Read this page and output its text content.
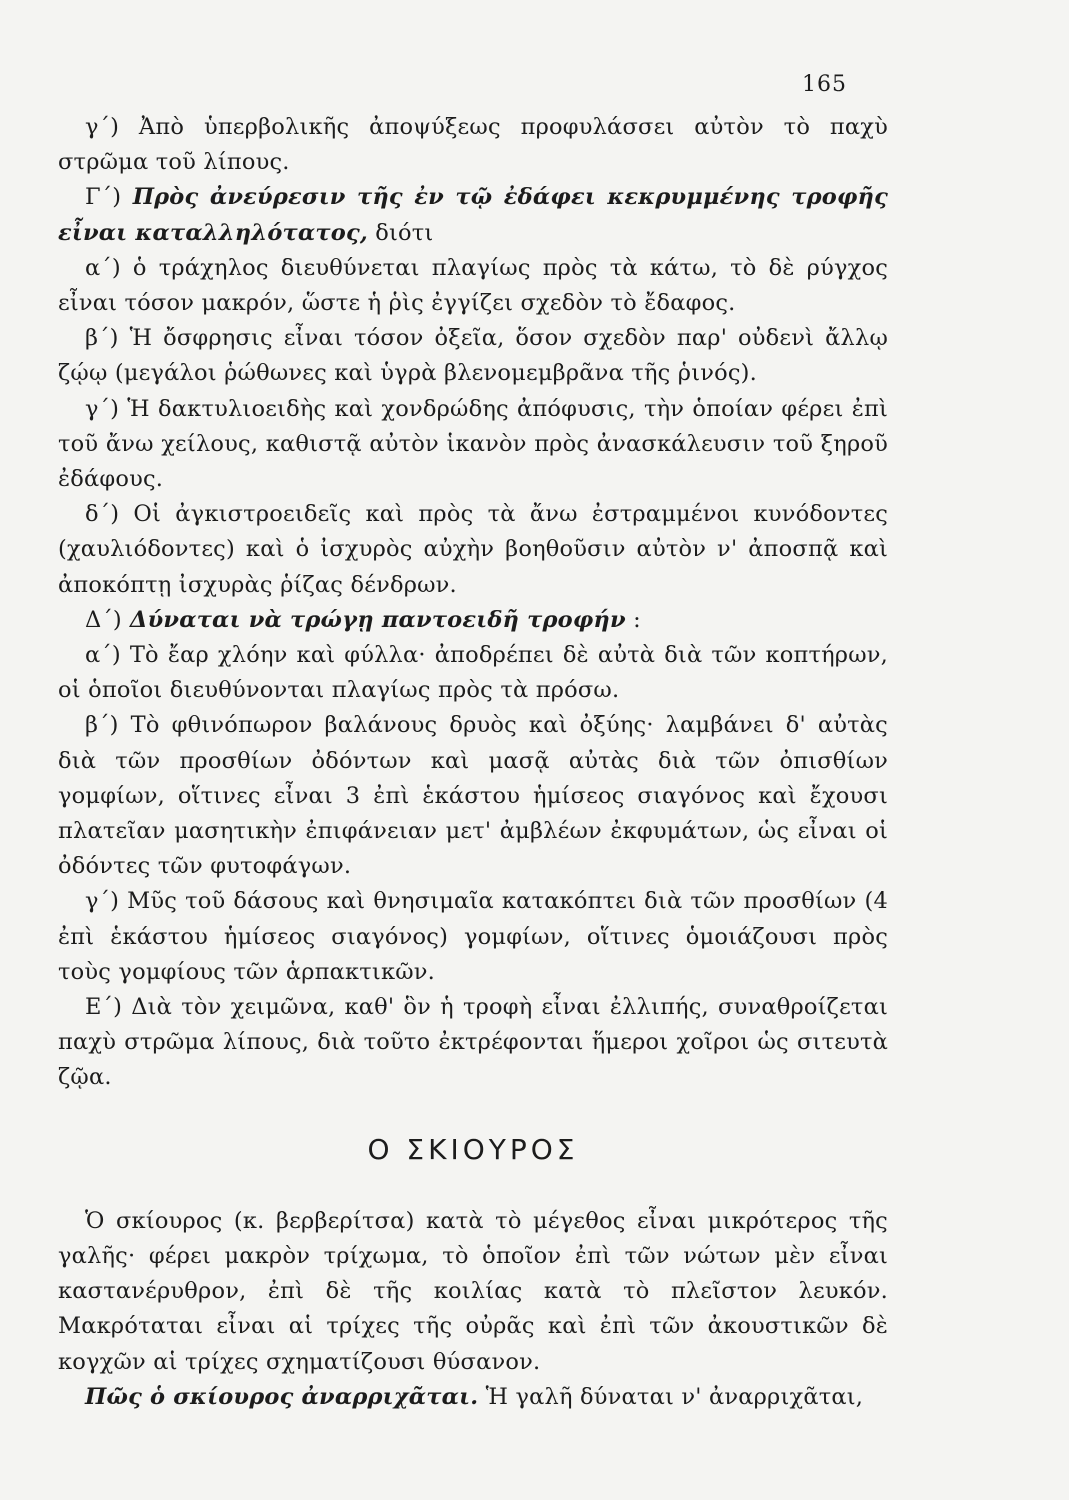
165

γ΄) Ἀπὸ ὑπερβολικῆς ἀποψύξεως προφυλάσσει αὐτὸν τὸ παχὺ στρῶμα τοῦ λίπους.

Γ΄) Πρὸς ἀνεύρεσιν τῆς ἐν τῷ ἐδάφει κεκρυμμένης τροφῆς εἶναι καταλληλότατος, διότι

α΄) ὁ τράχηλος διευθύνεται πλαγίως πρὸς τὰ κάτω, τὸ δὲ ρύγχος εἶναι τόσον μακρόν, ὥστε ἡ ῥὶς ἐγγίζει σχεδὸν τὸ ἔδαφος.

β΄) Ἡ ὄσφρησις εἶναι τόσον ὀξεῖα, ὅσον σχεδὸν παρ' οὐδενὶ ἄλλῳ ζῴῳ (μεγάλοι ῥώθωνες καὶ ὑγρὰ βλενομεμβρᾶνα τῆς ῥινός).

γ΄) Ἡ δακτυλιοειδὴς καὶ χονδρώδης ἀπόφυσις, τὴν ὁποίαν φέρει ἐπὶ τοῦ ἄνω χείλους, καθιστᾷ αὐτὸν ἱκανὸν πρὸς ἀνασκάλευσιν τοῦ ξηροῦ ἐδάφους.

δ΄) Οἱ ἀγκιστροειδεῖς καὶ πρὸς τὰ ἄνω ἐστραμμένοι κυνόδοντες (χαυλιόδοντες) καὶ ὁ ἰσχυρὸς αὐχὴν βοηθοῦσιν αὐτὸν ν' ἀποσπᾷ καὶ ἀποκόπτῃ ἰσχυρὰς ῥίζας δένδρων.

Δ΄) Δύναται νὰ τρώγῃ παντοειδῆ τροφήν :

α΄) Τὸ ἔαρ χλόην καὶ φύλλα· ἀποδρέπει δὲ αὐτὰ διὰ τῶν κοπτήρων, οἱ ὁποῖοι διευθύνονται πλαγίως πρὸς τὰ πρόσω.

β΄) Τὸ φθινόπωρον βαλάνους δρυὸς καὶ ὀξύης· λαμβάνει δ' αὐτὰς διὰ τῶν προσθίων ὀδόντων καὶ μασᾷ αὐτὰς διὰ τῶν ὀπισθίων γομφίων, οἵτινες εἶναι 3 ἐπὶ ἑκάστου ἡμίσεος σιαγόνος καὶ ἔχουσι πλατεῖαν μασητικὴν ἐπιφάνειαν μετ' ἀμβλέων ἐκφυμάτων, ὡς εἶναι οἱ ὀδόντες τῶν φυτοφάγων.

γ΄) Μῦς τοῦ δάσους καὶ θνησιμαῖα κατακόπτει διὰ τῶν προσθίων (4 ἐπὶ ἑκάστου ἡμίσεος σιαγόνος) γομφίων, οἵτινες ὁμοιάζουσι πρὸς τοὺς γομφίους τῶν ἁρπακτικῶν.

Ε΄) Διὰ τὸν χειμῶνα, καθ' ὃν ἡ τροφὴ εἶναι ἐλλιπής, συναθροίζεται παχὺ στρῶμα λίπους, διὰ τοῦτο ἐκτρέφονται ἥμεροι χοῖροι ὡς σιτευτὰ ζῷα.

Ο ΣΚΙΟΥΡΟΣ

Ὁ σκίουρος (κ. βερβερίτσα) κατὰ τὸ μέγεθος εἶναι μικρότερος τῆς γαλῆς· φέρει μακρὸν τρίχωμα, τὸ ὁποῖον ἐπὶ τῶν νώτων μὲν εἶναι καστανέρυθρον, ἐπὶ δὲ τῆς κοιλίας κατὰ τὸ πλεῖστον λευκόν. Μακρόταται εἶναι αἱ τρίχες τῆς οὐρᾶς καὶ ἐπὶ τῶν ἀκουστικῶν δὲ κογχῶν αἱ τρίχες σχηματίζουσι θύσανον.

Πῶς ὁ σκίουρος ἀναρριχᾶται. Ἡ γαλῆ δύναται ν' ἀναρριχᾶται,
